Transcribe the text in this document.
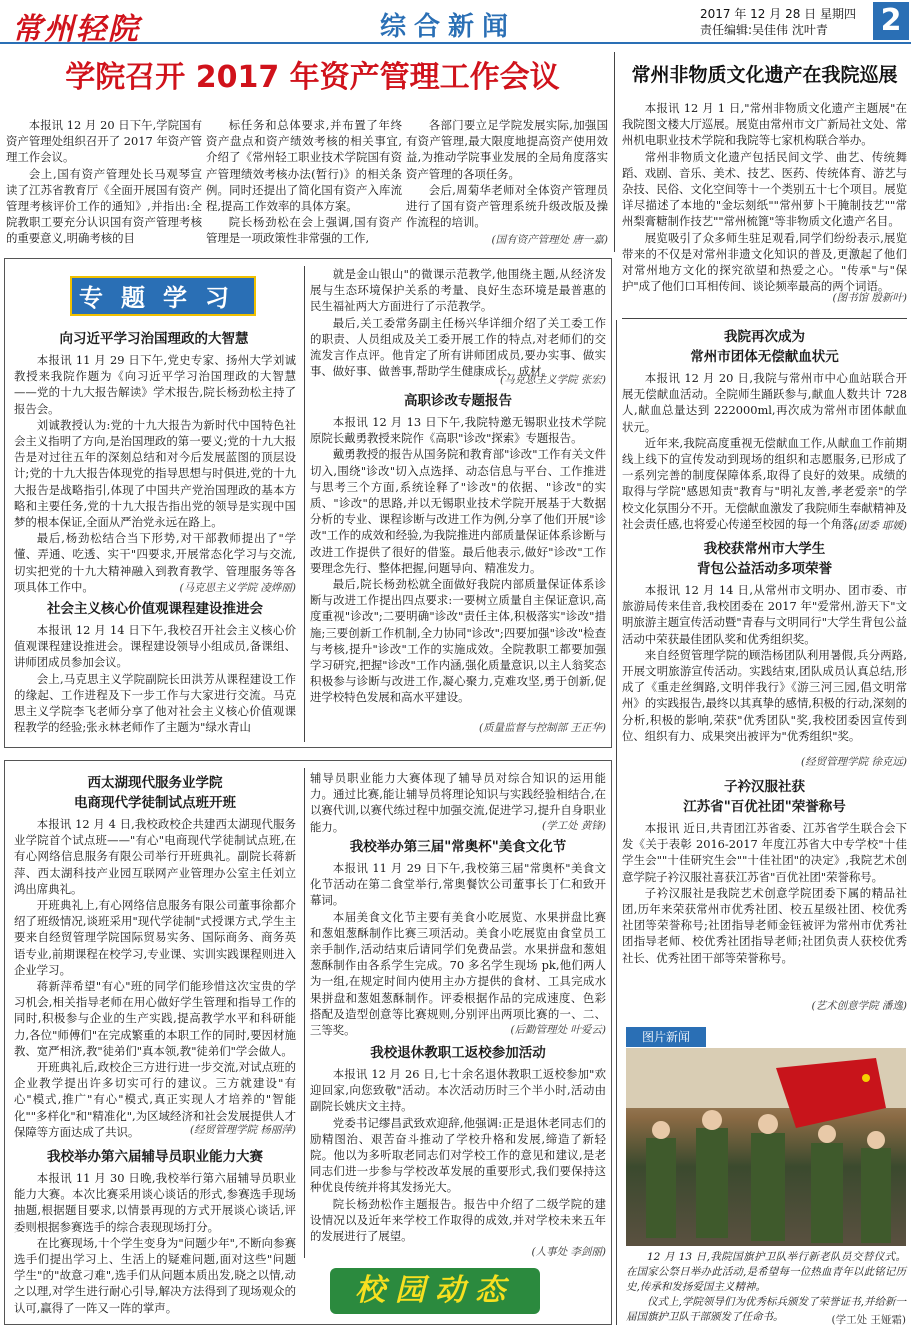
常州轻院	综合新闻	2017 年 12 月 28 日 星期四
责任编辑:吴佳伟 沈叶青	2
学院召开 2017 年资产管理工作会议

本报讯 12 月 20 日下午,学院国有资产管理处组织召开了 2017 年资产管理工作会议。
会上,国有资产管理处长马观琴宣读了江苏省教育厅《全面开展国有资产管理考核评价工作的通知》,并指出:全院教职工要充分认识国有资产管理考核的重要意义,明确考核的目

标任务和总体要求,并布置了年终资产盘点和资产绩效考核的相关事宜,介绍了《常州轻工职业技术学院国有资产管理绩效考核办法(暂行)》的相关条例。同时还提出了简化国有资产入库流程,提高工作效率的具体方案。
院长杨劲松在会上强调,国有资产管理是一项政策性非常强的工作,

各部门要立足学院发展实际,加强国有资产管理,最大限度地提高资产使用效益,为推动学院事业发展的全局角度落实资产管理的各项任务。
会后,周菊华老师对全体资产管理员进行了国有资产管理系统升级改版及操作流程的培训。

(国有资产管理处 唐一嘉)
常州非物质文化遗产在我院巡展

本报讯 12 月 1 日,"常州非物质文化遗产主题展"在我院图文楼大厅巡展。展览由常州市文广新局社文处、常州机电职业技术学院和我院等七家机构联合举办。
常州非物质文化遗产包括民间文学、曲艺、传统舞蹈、戏剧、音乐、美术、技艺、医药、传统体育、游艺与杂技、民俗、文化空间等十一个类别五十七个项目。展览详尽描述了本地的"金坛刻纸""常州萝卜干腌制技艺""常州梨膏糖制作技艺""常州梳篦"等非物质文化遗产名目。
展览吸引了众多师生驻足观看,同学们纷纷表示,展览带来的不仅是对常州非遗文化知识的普及,更激起了他们对常州地方文化的探究欲望和热爱之心。"传承"与"保护"成了他们口耳相传间、谈论频率最高的两个词语。

(图书馆 殷新叶)
专题学习
向习近平学习治国理政的大智慧

本报讯 11 月 29 日下午,党史专家、扬州大学刘诚教授来我院作题为《向习近平学习治国理政的大智慧——党的十九大报告解读》学术报告,院长杨劲松主持了报告会。
刘诚教授认为:党的十九大报告为新时代中国特色社会主义指明了方向,是治国理政的第一要义;党的十九大报告是对过往五年的深刻总结和对今后发展蓝图的顶层设计;党的十九大报告体现党的指导思想与时俱进,党的十九大报告是战略指引,体现了中国共产党治国理政的基本方略和主要任务,党的十九大报告指出党的领导是实现中国梦的根本保证,全面从严治党永远在路上。
最后,杨劲松结合当下形势,对干部教师提出了"学懂、弄通、吃透、实干"四要求,开展常态化学习与交流,切实把党的十九大精神融入到教育教学、管理服务等各项具体工作中。	(马克思主义学院 凌烨丽)
社会主义核心价值观课程建设推进会

本报讯 12 月 14 日下午,我校召开社会主义核心价值观课程建设推进会。课程建设领导小组成员,备课组、讲师团成员参加会议。
会上,马克思主义学院副院长田洪芳从课程建设工作的缘起、工作进程及下一步工作与大家进行交流。马克思主义学院李飞老师分享了他对社会主义核心价值观课程教学的经验;张永林老师作了主题为"绿水青山

就是金山银山"的微课示范教学,他围绕主题,从经济发展与生态环境保护关系的考量、良好生态环境是最普惠的民生福祉两大方面进行了示范教学。
最后,关工委常务副主任杨兴华详细介绍了关工委工作的职责、人员组成及关工委开展工作的特点,对老师们的交流发言作点评。他肯定了所有讲师团成员,要办实事、做实事、做好事、做善事,帮助学生健康成长、成材。

(马克思主义学院 张宏)
高职诊改专题报告

本报讯 12 月 13 日下午,我院特邀无锡职业技术学院原院长戴勇教授来院作《高职"诊改"探索》专题报告。
戴勇教授的报告从国务院和教育部"诊改"工作有关文件切入,围绕"诊改"切入点选择、动态信息与平台、工作推进与思考三个方面,系统诠释了"诊改"的依据、"诊改"的实质、"诊改"的思路,并以无锡职业技术学院开展基于大数据分析的专业、课程诊断与改进工作为例,分享了他们开展"诊改"工作的成效和经验,为我院推进内部质量保证体系诊断与改进工作提供了很好的借鉴。最后他表示,做好"诊改"工作要理念先行、整体把握,问题导向、精准发力。
最后,院长杨劲松就全面做好我院内部质量保证体系诊断与改进工作提出四点要求:一要树立质量自主保证意识,高度重视"诊改";二要明确"诊改"责任主体,积极落实"诊改"措施;三要创新工作机制,全力协同"诊改";四要加强"诊改"检查与考核,提升"诊改"工作的实施成效。全院教职工都要加强学习研究,把握"诊改"工作内涵,强化质量意识,以主人翁奖态积极参与诊断与改进工作,凝心聚力,克难攻坚,勇于创新,促进学校特色发展和高水平建设。

(质量监督与控制部 王正华)
西太湖现代服务业学院
电商现代学徒制试点班开班

本报讯 12 月 4 日,我校政校企共建西太湖现代服务业学院首个试点班——"有心"电商现代学徒制试点班,在有心网络信息服务有限公司举行开班典礼。副院长蒋新萍、西太湖科技产业园互联网产业管理办公室主任刘立鸿出席典礼。
开班典礼上,有心网络信息服务有限公司董事徐都介绍了班级情况,谈班采用"现代学徒制"式授课方式,学生主要来自经贸管理学院国际贸易实务、国际商务、商务英语专业,前期课程在校学习,专业课、实训实践课程则进入企业学习。
蒋新萍希望"有心"班的同学们能珍惜这次宝贵的学习机会,相关指导老师在用心做好学生管理和指导工作的同时,积极参与企业的生产实践,提高教学水平和科研能力,各位"师傅们"在完成繁重的本职工作的同时,要因材施教、宽严相济,教"徒弟们"真本领,教"徒弟们"学会做人。
开班典礼后,政校企三方进行进一步交流,对试点班的企业教学提出许多切实可行的建议。三方就建设"有心"模式,推广"有心"模式,真正实现人才培养的"智能化""多样化"和"精准化",为区域经济和社会发展提供人才保障等方面达成了共识。	(经贸管理学院 杨丽萍)
我校举办第六届辅导员职业能力大赛

本报讯 11 月 30 日晚,我校举行第六届辅导员职业能力大赛。本次比赛采用谈心谈话的形式,参赛选手现场抽题,根据题目要求,以情景再现的方式开展谈心谈话,评委则根据参赛选手的综合表现现场打分。
在比赛现场,十个学生变身为"问题少年",不断向参赛选手们提出学习上、生活上的疑难问题,面对这些"问题学生"的"故意刁难",选手们从问题本质出发,晓之以情,动之以理,对学生进行耐心引导,解决方法得到了现场观众的认可,赢得了一阵又一阵的掌声。

辅导员职业能力大赛体现了辅导员对综合知识的运用能力。通过比赛,能让辅导员将理论知识与实践经验相结合,在以赛代训,以赛代练过程中加强交流,促进学习,提升自身职业能力。	(学工处 黄锋)
我校举办第三届"常奥杯"美食文化节

本报讯 11 月 29 日下午,我校第三届"常奥杯"美食文化节活动在第二食堂举行,常奥餐饮公司董事长丁仁和致开幕词。
本届美食文化节主要有美食小吃展览、水果拼盘比赛和葱姐葱酥制作比赛三项活动。美食小吃展览由食堂员工亲手制作,活动结束后请同学们免费品尝。水果拼盘和葱姐葱酥制作由各系学生完成。70 多名学生现场 pk,他们两人为一组,在规定时间内使用主办方提供的食材、工具完成水果拼盘和葱姐葱酥制作。评委根据作品的完成速度、色彩搭配及造型创意等比赛规则,分别评出两项比赛的一、二、三等奖。	(后勤管理处 叶爱云)
我校退休教职工返校参加活动

本报讯 12 月 26 日,七十余名退休教职工返校参加"欢迎回家,向您致敬"活动。本次活动历时三个半小时,活动由副院长姚庆文主持。
党委书记缪昌武致欢迎辞,他强调:正是退休老同志们的励精图治、艰苦奋斗推动了学校升格和发展,缔造了新轻院。他以为多听取老同志们对学校工作的意见和建议,是老同志们进一步参与学校改革发展的重要形式,我们要保持这种优良传统并将其发扬光大。
院长杨劲松作主题报告。报告中介绍了二级学院的建设情况以及近年来学校工作取得的成效,并对学校未来五年的发展进行了展望。

(人事处 李剑丽)
校园动态
我院再次成为
常州市团体无偿献血状元

本报讯 12 月 20 日,我院与常州市中心血站联合开展无偿献血活动。全院师生踊跃参与,献血人数共计 728 人,献血总量达到 222000ml,再次成为常州市团体献血状元。
近年来,我院高度重视无偿献血工作,从献血工作前期线上线下的宣传发动到现场的组织和志愿服务,已形成了一系列完善的制度保障体系,取得了良好的效果。成绩的取得与学院"感恩知责"教育与"明礼友善,孝老爱亲"的学校文化氛围分不开。无偿献血激发了我院师生奉献精神及社会责任感,也将爱心传递至校园的每一个角落。

(团委 耶媛)
我校获常州市大学生
背包公益活动多项荣誉

本报讯 12 月 14 日,从常州市文明办、团市委、市旅游局传来佳音,我校团委在 2017 年"爱常州,游天下"文明旅游主题宣传活动暨"青春与文明同行"大学生背包公益活动中荣获最佳团队奖和优秀组织奖。
来自经贸管理学院的顾浩杨团队利用暑假,兵分两路,开展文明旅游宣传活动。实践结束,团队成员认真总结,形成了《重走丝绸路,文明伴我行》《游三河三园,倡文明常州》的实践报告,最终以其真挚的感情,积极的行动,深刻的分析,积极的影响,荣获"优秀团队"奖,我校团委因宣传到位、组织有力、成果突出被评为"优秀组织"奖。

(经贸管理学院 徐克远)
子衿汉服社获
江苏省"百优社团"荣誉称号

本报讯 近日,共青团江苏省委、江苏省学生联合会下发《关于表彰 2016-2017 年度江苏省大中专学校"十佳学生会""十佳研究生会""十佳社团"的决定》,我院艺术创意学院子衿汉服社喜获江苏省"百优社团"荣誉称号。
子衿汉服社是我院艺术创意学院团委下属的精品社团,历年来荣获常州市优秀社团、校五星级社团、校优秀社团等荣誉称号;社团指导老师金钰被评为常州市优秀社团指导老师、校优秀社团指导老师;社团负责人获校优秀社长、优秀社团干部等荣誉称号。

(艺术创意学院 潘逸)
图片新闻
12 月 13 日,我院国旗护卫队举行新老队员交替仪式。在国家公祭日举办此活动,是希望每一位热血青年以此铭记历史,传承和发扬爱国主义精神。
仪式上,学院领导们为优秀标兵颁发了荣誉证书,并给新一届国旗护卫队干部颁发了任命书。	(学工处 王娅霜)
